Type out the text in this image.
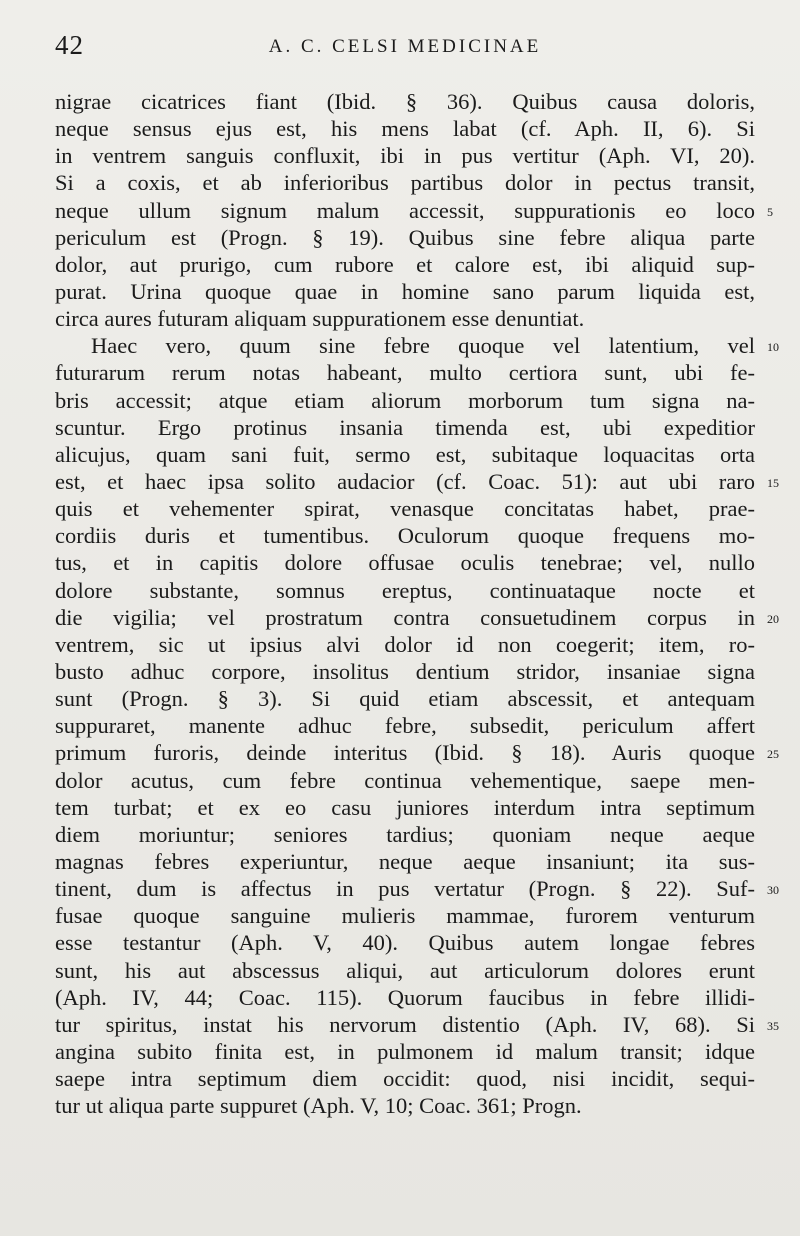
42	A. C. CELSI MEDICINAE
nigrae cicatrices fiant (Ibid. § 36). Quibus causa doloris,
neque sensus ejus est, his mens labat (cf. Aph. II, 6). Si
in ventrem sanguis confluxit, ibi in pus vertitur (Aph. VI, 20).
Si a coxis, et ab inferioribus partibus dolor in pectus transit,
neque ullum signum malum accessit, suppurationis eo loco 5
periculum est (Progn. § 19). Quibus sine febre aliqua parte
dolor, aut prurigo, cum rubore et calore est, ibi aliquid sup-
purat. Urina quoque quae in homine sano parum liquida est,
circa aures futuram aliquam suppurationem esse denuntiat.
Haec vero, quum sine febre quoque vel latentium, vel 10
futurarum rerum notas habeant, multo certiora sunt, ubi fe-
bris accessit; atque etiam aliorum morborum tum signa na-
scuntur. Ergo protinus insania timenda est, ubi expeditior
alicujus, quam sani fuit, sermo est, subitaque loquacitas orta
est, et haec ipsa solito audacior (cf. Coac. 51): aut ubi raro 15
quis et vehementer spirat, venasque concitatas habet, prae-
cordiis duris et tumentibus. Oculorum quoque frequens mo-
tus, et in capitis dolore offusae oculis tenebrae; vel, nullo
dolore substante, somnus ereptus, continuataque nocte et
die vigilia; vel prostratum contra consuetudinem corpus in 20
ventrem, sic ut ipsius alvi dolor id non coegerit; item, ro-
busto adhuc corpore, insolitus dentium stridor, insaniae signa
sunt (Progn. § 3). Si quid etiam abscessit, et antequam
suppuraret, manente adhuc febre, subsedit, periculum affert
primum furoris, deinde interitus (Ibid. § 18). Auris quoque 25
dolor acutus, cum febre continua vehementique, saepe men-
tem turbat; et ex eo casu juniores interdum intra septimum
diem moriuntur; seniores tardius; quoniam neque aeque
magnas febres experiuntur, neque aeque insaniunt; ita sus-
tinent, dum is affectus in pus vertatur (Progn. § 22). Suf- 30
fusae quoque sanguine mulieris mammae, furorem venturum
esse testantur (Aph. V, 40). Quibus autem longae febres
sunt, his aut abscessus aliqui, aut articulorum dolores erunt
(Aph. IV, 44; Coac. 115). Quorum faucibus in febre illidi-
tur spiritus, instat his nervorum distentio (Aph. IV, 68). Si 35
angina subito finita est, in pulmonem id malum transit; idque
saepe intra septimum diem occidit: quod, nisi incidit, sequi-
tur ut aliqua parte suppuret (Aph. V, 10; Coac. 361; Progn.
